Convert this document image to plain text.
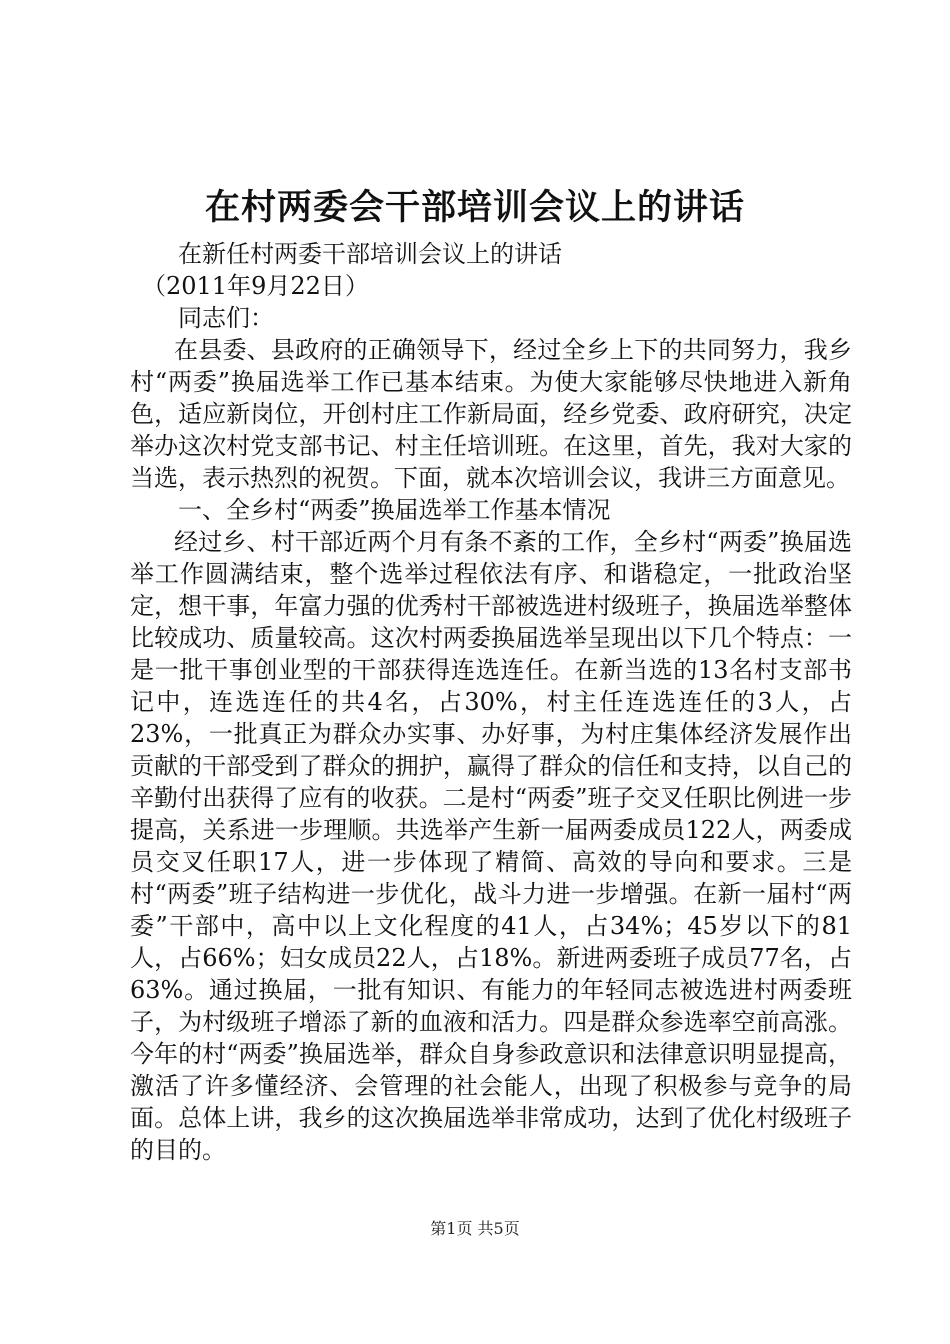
在村两委会干部培训会议上的讲话

在新任村两委干部培训会议上的讲话

（2011年9月22日）

同志们：

在县委、县政府的正确领导下，经过全乡上下的共同努力，我乡村“两委”换届选举工作已基本结束。为使大家能够尽快地进入新角色，适应新岗位，开创村庄工作新局面，经乡党委、政府研究，决定举办这次村党支部书记、村主任培训班。在这里，首先，我对大家的当选，表示热烈的祝贺。下面，就本次培训会议，我讲三方面意见。

一、全乡村“两委”换届选举工作基本情况

经过乡、村干部近两个月有条不紊的工作，全乡村“两委”换届选举工作圆满结束，整个选举过程依法有序、和谐稳定，一批政治坚定，想干事，年富力强的优秀村干部被选进村级班子，换届选举整体比较成功、质量较高。这次村两委换届选举呈现出以下几个特点：一是一批干事创业型的干部获得连选连任。在新当选的13名村支部书记中，连选连任的共4名，占30%，村主任连选连任的3人，占23%，一批真正为群众办实事、办好事，为村庄集体经济发展作出贡献的干部受到了群众的拥护，赢得了群众的信任和支持，以自己的辛勤付出获得了应有的收获。二是村“两委”班子交叉任职比例进一步提高，关系进一步理顺。共选举产生新一届两委成员122人，两委成员交叉任职17人，进一步体现了精简、高效的导向和要求。三是村“两委”班子结构进一步优化，战斗力进一步增强。在新一届村“两委”干部中，高中以上文化程度的41人，占34%；45岁以下的81人，占66%；妇女成员22人，占18%。新进两委班子成员77名，占63%。通过换届，一批有知识、有能力的年轻同志被选进村两委班子，为村级班子增添了新的血液和活力。四是群众参选率空前高涨。今年的村“两委”换届选举，群众自身参政意识和法律意识明显提高，激活了许多懂经济、会管理的社会能人，出现了积极参与竞争的局面。总体上讲，我乡的这次换届选举非常成功，达到了优化村级班子的目的。

第1页 共5页
